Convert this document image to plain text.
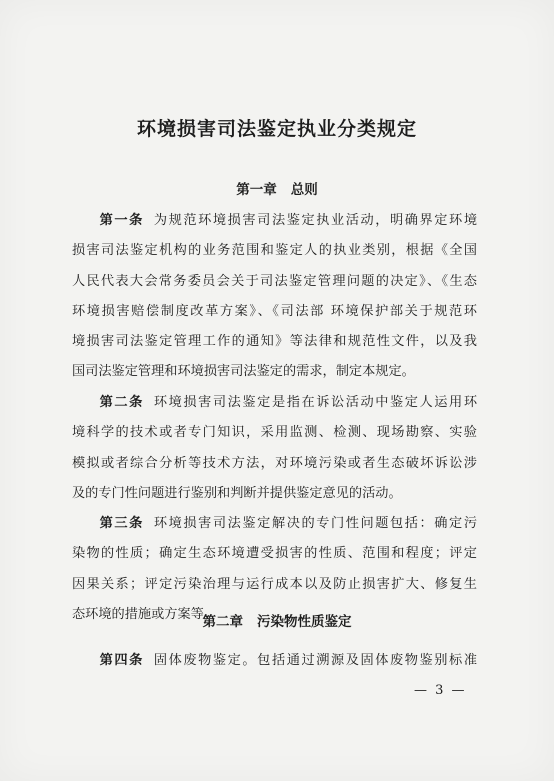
环境损害司法鉴定执业分类规定
第一章 总则
第一条 为规范环境损害司法鉴定执业活动，明确界定环境
损害司法鉴定机构的业务范围和鉴定人的执业类别，根据《全国
人民代表大会常务委员会关于司法鉴定管理问题的决定》、《生态
环境损害赔偿制度改革方案》、《司法部 环境保护部关于规范环
境损害司法鉴定管理工作的通知》等法律和规范性文件，以及我
国司法鉴定管理和环境损害司法鉴定的需求，制定本规定。
第二条 环境损害司法鉴定是指在诉讼活动中鉴定人运用环
境科学的技术或者专门知识，采用监测、检测、现场勘察、实验
模拟或者综合分析等技术方法，对环境污染或者生态破坏诉讼涉
及的专门性问题进行鉴别和判断并提供鉴定意见的活动。
第三条 环境损害司法鉴定解决的专门性问题包括：确定污
染物的性质；确定生态环境遭受损害的性质、范围和程度；评定
因果关系；评定污染治理与运行成本以及防止损害扩大、修复生
态环境的措施或方案等。
第二章 污染物性质鉴定
第四条 固体废物鉴定。包括通过溯源及固体废物鉴别标准
— 3 —
